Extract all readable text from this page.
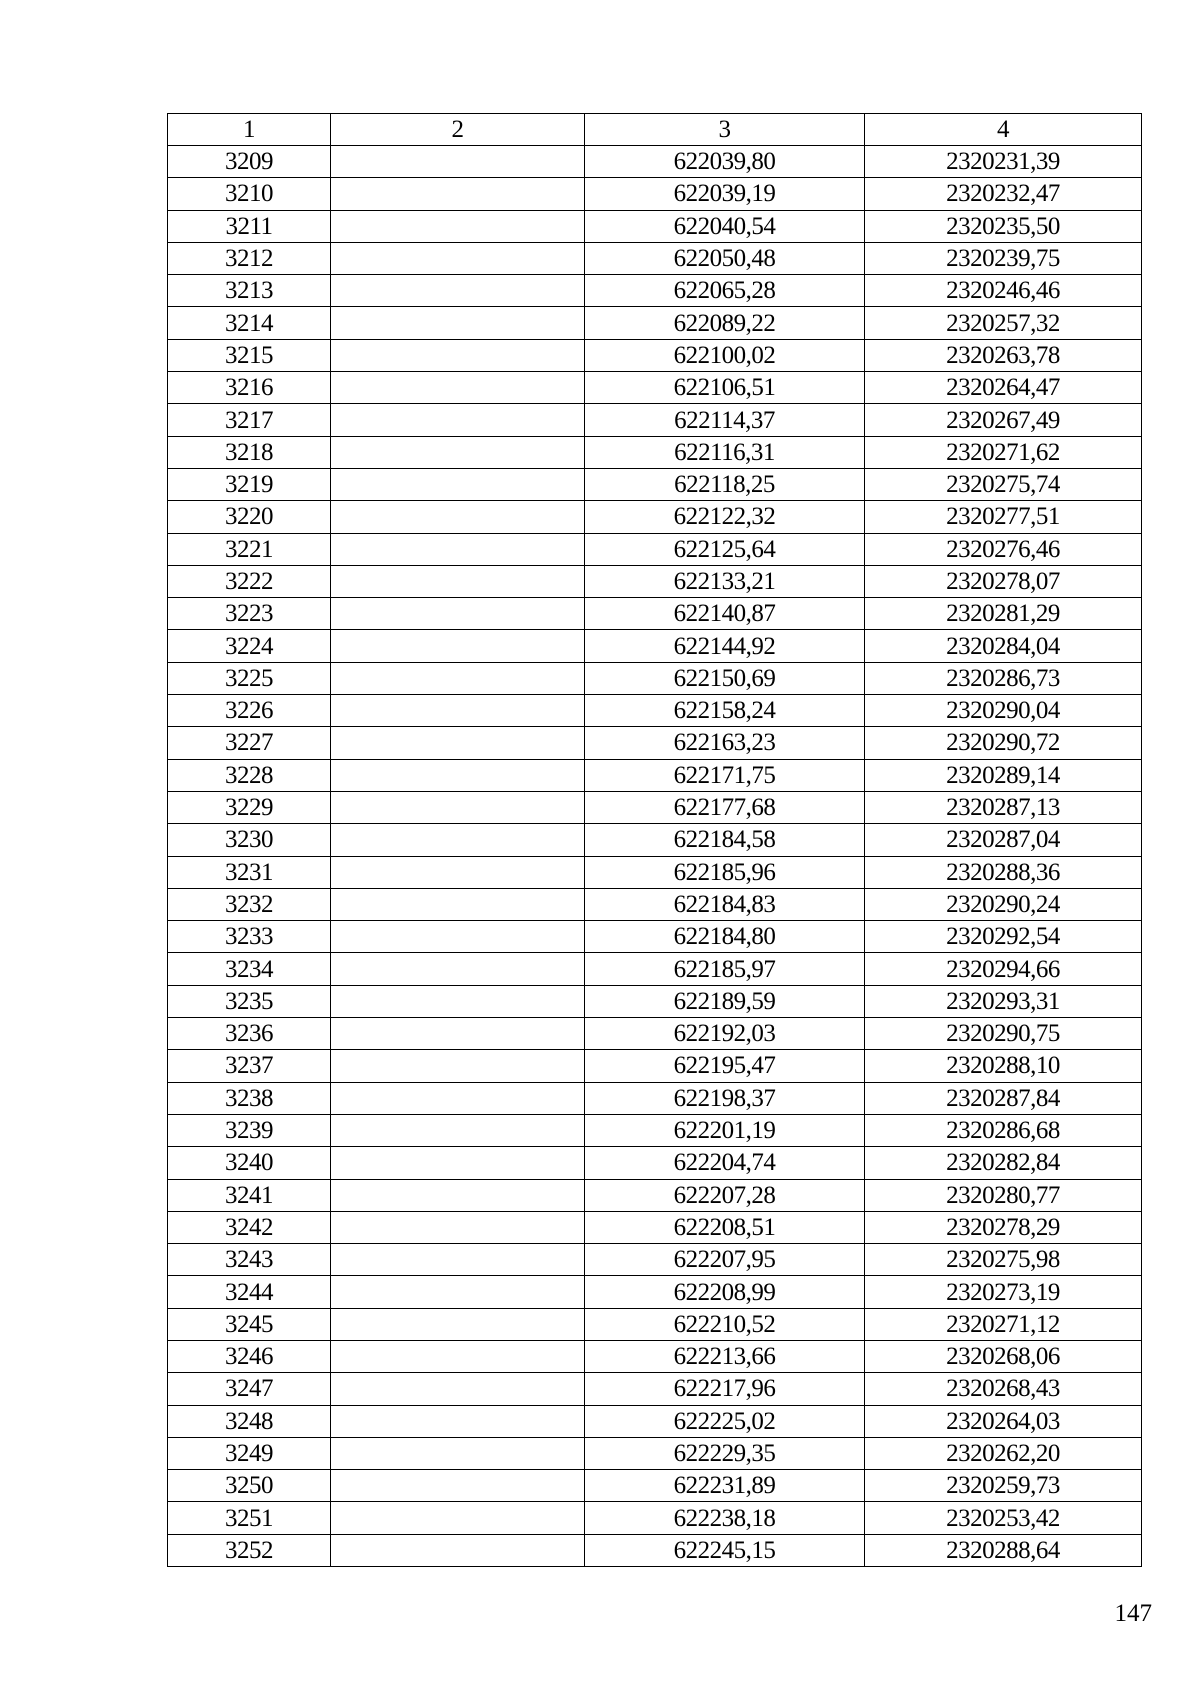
1	2	3	4
3209		622039,80	2320231,39
3210		622039,19	2320232,47
3211		622040,54	2320235,50
3212		622050,48	2320239,75
3213		622065,28	2320246,46
3214		622089,22	2320257,32
3215		622100,02	2320263,78
3216		622106,51	2320264,47
3217		622114,37	2320267,49
3218		622116,31	2320271,62
3219		622118,25	2320275,74
3220		622122,32	2320277,51
3221		622125,64	2320276,46
3222		622133,21	2320278,07
3223		622140,87	2320281,29
3224		622144,92	2320284,04
3225		622150,69	2320286,73
3226		622158,24	2320290,04
3227		622163,23	2320290,72
3228		622171,75	2320289,14
3229		622177,68	2320287,13
3230		622184,58	2320287,04
3231		622185,96	2320288,36
3232		622184,83	2320290,24
3233		622184,80	2320292,54
3234		622185,97	2320294,66
3235		622189,59	2320293,31
3236		622192,03	2320290,75
3237		622195,47	2320288,10
3238		622198,37	2320287,84
3239		622201,19	2320286,68
3240		622204,74	2320282,84
3241		622207,28	2320280,77
3242		622208,51	2320278,29
3243		622207,95	2320275,98
3244		622208,99	2320273,19
3245		622210,52	2320271,12
3246		622213,66	2320268,06
3247		622217,96	2320268,43
3248		622225,02	2320264,03
3249		622229,35	2320262,20
3250		622231,89	2320259,73
3251		622238,18	2320253,42
3252		622245,15	2320288,64
147
